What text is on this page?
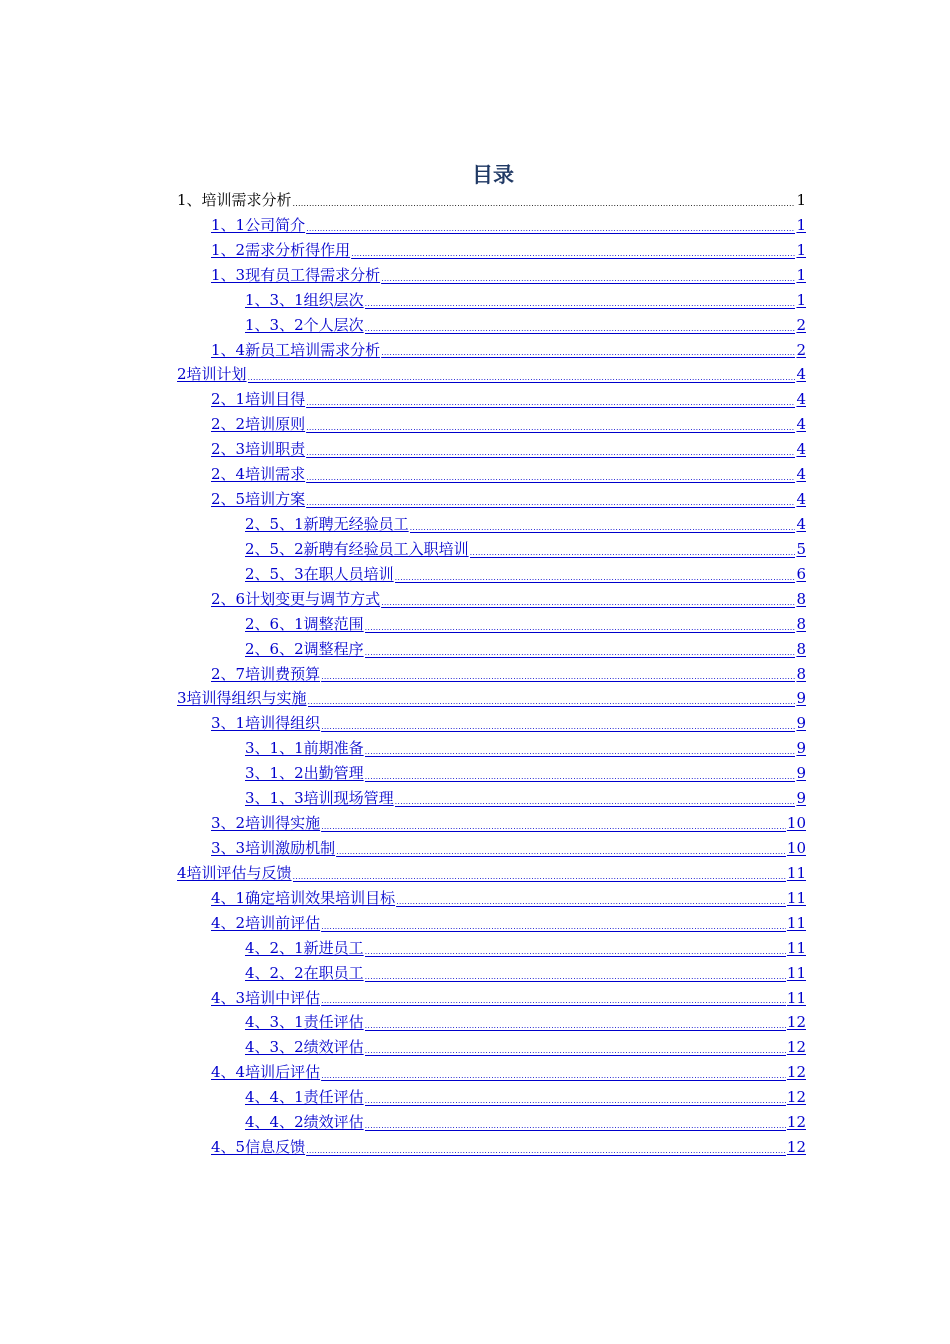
目录
1、培训需求分析 .....	1
1、1公司简介 .....	1
1、2需求分析得作用 .....	1
1、3现有员工得需求分析 .....	1
1、3、1组织层次 .....	1
1、3、2个人层次 .....	2
1、4新员工培训需求分析 .....	2
2培训计划 .....	4
2、1培训目得 .....	4
2、2培训原则 .....	4
2、3培训职责 .....	4
2、4培训需求 .....	4
2、5培训方案 .....	4
2、5、1新聘无经验员工 .....	4
2、5、2新聘有经验员工入职培训 .....	5
2、5、3在职人员培训 .....	6
2、6计划变更与调节方式 .....	8
2、6、1调整范围 .....	8
2、6、2调整程序 .....	8
2、7培训费预算 .....	8
3培训得组织与实施 .....	9
3、1培训得组织 .....	9
3、1、1前期准备 .....	9
3、1、2出勤管理 .....	9
3、1、3培训现场管理 .....	9
3、2培训得实施 .....	10
3、3培训激励机制 .....	10
4培训评估与反馈 .....	11
4、1确定培训效果培训目标 .....	11
4、2培训前评估 .....	11
4、2、1新进员工 .....	11
4、2、2在职员工 .....	11
4、3培训中评估 .....	11
4、3、1责任评估 .....	12
4、3、2绩效评估 .....	12
4、4培训后评估 .....	12
4、4、1责任评估 .....	12
4、4、2绩效评估 .....	12
4、5信息反馈 .....	12
